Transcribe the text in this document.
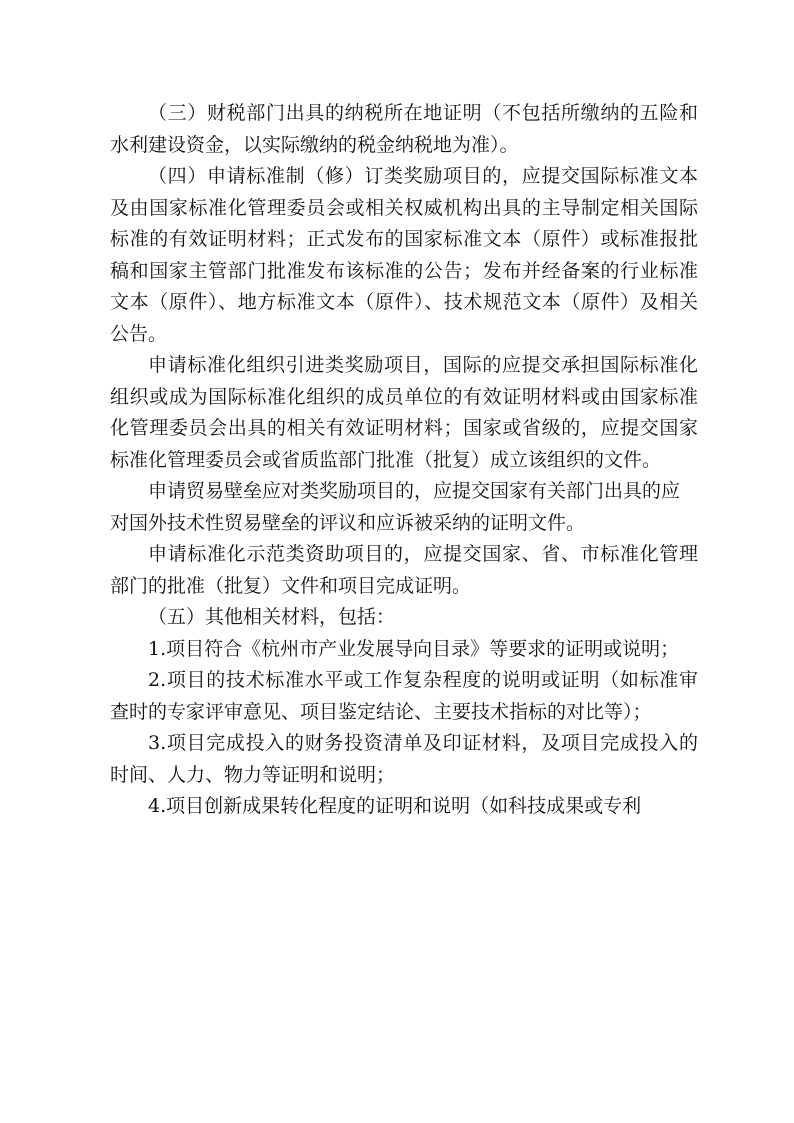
（三）财税部门出具的纳税所在地证明（不包括所缴纳的五险和水利建设资金，以实际缴纳的税金纳税地为准）。

（四）申请标准制（修）订类奖励项目的，应提交国际标准文本及由国家标准化管理委员会或相关权威机构出具的主导制定相关国际标准的有效证明材料；正式发布的国家标准文本（原件）或标准报批稿和国家主管部门批准发布该标准的公告；发布并经备案的行业标准文本（原件）、地方标准文本（原件）、技术规范文本（原件）及相关公告。

申请标准化组织引进类奖励项目，国际的应提交承担国际标准化组织或成为国际标准化组织的成员单位的有效证明材料或由国家标准化管理委员会出具的相关有效证明材料；国家或省级的，应提交国家标准化管理委员会或省质监部门批准（批复）成立该组织的文件。

申请贸易壁垒应对类奖励项目的，应提交国家有关部门出具的应对国外技术性贸易壁垒的评议和应诉被采纳的证明文件。

申请标准化示范类资助项目的，应提交国家、省、市标准化管理部门的批准（批复）文件和项目完成证明。

（五）其他相关材料，包括：

1.项目符合《杭州市产业发展导向目录》等要求的证明或说明；

2.项目的技术标准水平或工作复杂程度的说明或证明（如标准审查时的专家评审意见、项目鉴定结论、主要技术指标的对比等）；

3.项目完成投入的财务投资清单及印证材料，及项目完成投入的时间、人力、物力等证明和说明；

4.项目创新成果转化程度的证明和说明（如科技成果或专利
